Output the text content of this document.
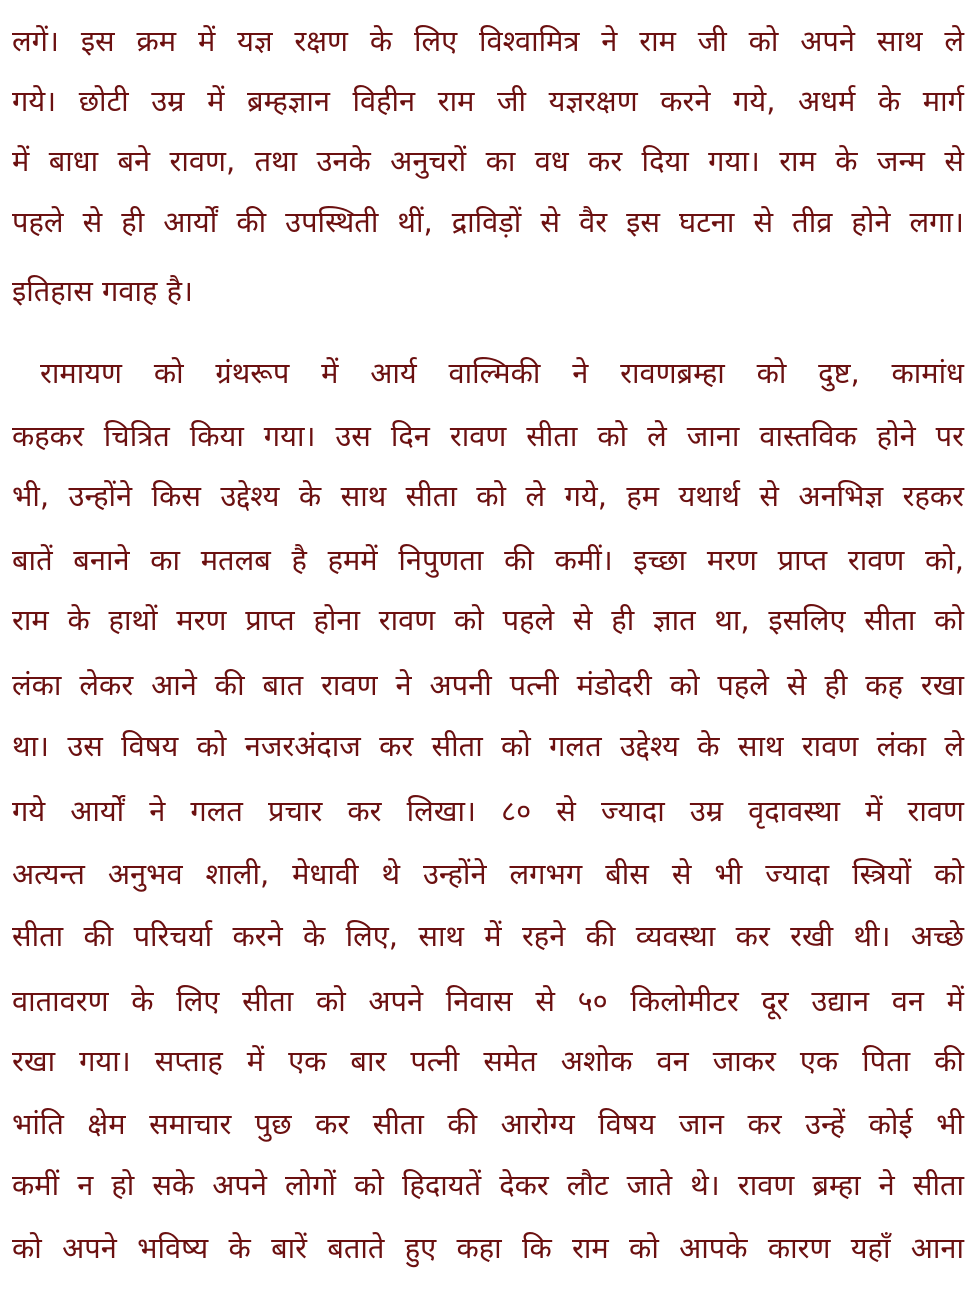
लगें। इस क्रम में यज्ञ रक्षण के लिए विश्वामित्र ने राम जी को अपने साथ ले
गये। छोटी उम्र में ब्रम्हज्ञान विहीन राम जी यज्ञरक्षण करने गये, अधर्म के मार्ग
में बाधा बने रावण, तथा उनके अनुचरों का वध कर दिया गया। राम के जन्म से
पहले से ही आर्यों की उपस्थिती थीं, द्राविड़ों से वैर इस घटना से तीव्र होने लगा।
इतिहास गवाह है।
रामायण को ग्रंथरूप में आर्य वाल्मिकी ने रावणब्रम्हा को दुष्ट, कामांध
कहकर चित्रित किया गया। उस दिन रावण सीता को ले जाना वास्तविक होने पर
भी, उन्होंने किस उद्देश्य के साथ सीता को ले गये, हम यथार्थ से अनभिज्ञ रहकर
बातें बनाने का मतलब है हममें निपुणता की कमीं। इच्छा मरण प्राप्त रावण को,
राम के हाथों मरण प्राप्त होना रावण को पहले से ही ज्ञात था, इसलिए सीता को
लंका लेकर आने की बात रावण ने अपनी पत्नी मंडोदरी को पहले से ही कह रखा
था। उस विषय को नजरअंदाज कर सीता को गलत उद्देश्य के साथ रावण लंका ले
गये आर्यों ने गलत प्रचार कर लिखा। ८० से ज्यादा उम्र वृदावस्था में रावण
अत्यन्त अनुभव शाली, मेधावी थे उन्होंने लगभग बीस से भी ज्यादा स्त्रियों को
सीता की परिचर्या करने के लिए, साथ में रहने की व्यवस्था कर रखी थी। अच्छे
वातावरण के लिए सीता को अपने निवास से ५० किलोमीटर दूर उद्यान वन में
रखा गया। सप्ताह में एक बार पत्नी समेत अशोक वन जाकर एक पिता की
भांति क्षेम समाचार पुछ कर सीता की आरोग्य विषय जान कर उन्हें कोई भी
कमीं न हो सके अपने लोगों को हिदायतें देकर लौट जाते थे। रावण ब्रम्हा ने सीता
को अपने भविष्य के बारें बताते हुए कहा कि राम को आपके कारण यहाँ आना
